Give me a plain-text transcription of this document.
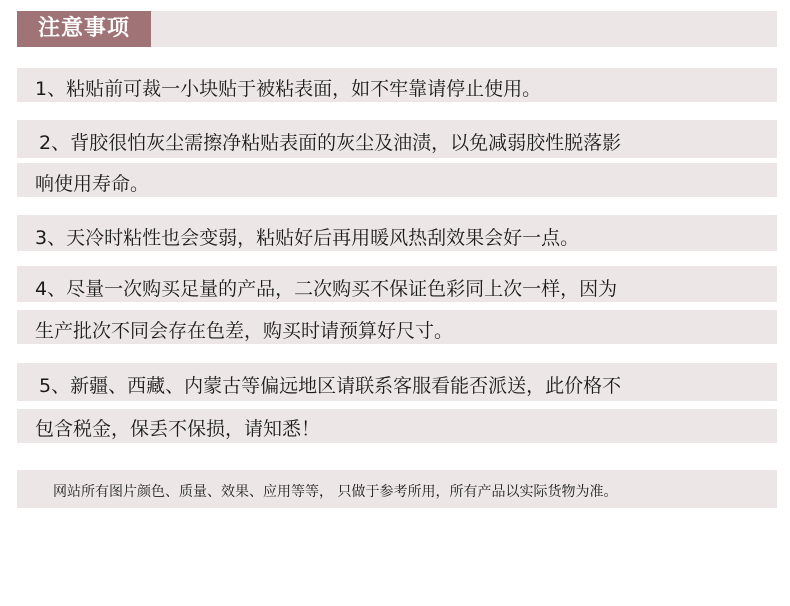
注意事项
1、粘贴前可裁一小块贴于被粘表面，如不牢靠请停止使用。
2、背胶很怕灰尘需擦净粘贴表面的灰尘及油渍，以免减弱胶性脱落影
响使用寿命。
3、天冷时粘性也会变弱，粘贴好后再用暖风热刮效果会好一点。
4、尽量一次购买足量的产品，二次购买不保证色彩同上次一样，因为
生产批次不同会存在色差，购买时请预算好尺寸。
5、新疆、西藏、内蒙古等偏远地区请联系客服看能否派送，此价格不
包含税金，保丢不保损，请知悉！
网站所有图片颜色、质量、效果、应用等等， 只做于参考所用，所有产品以实际货物为准。
